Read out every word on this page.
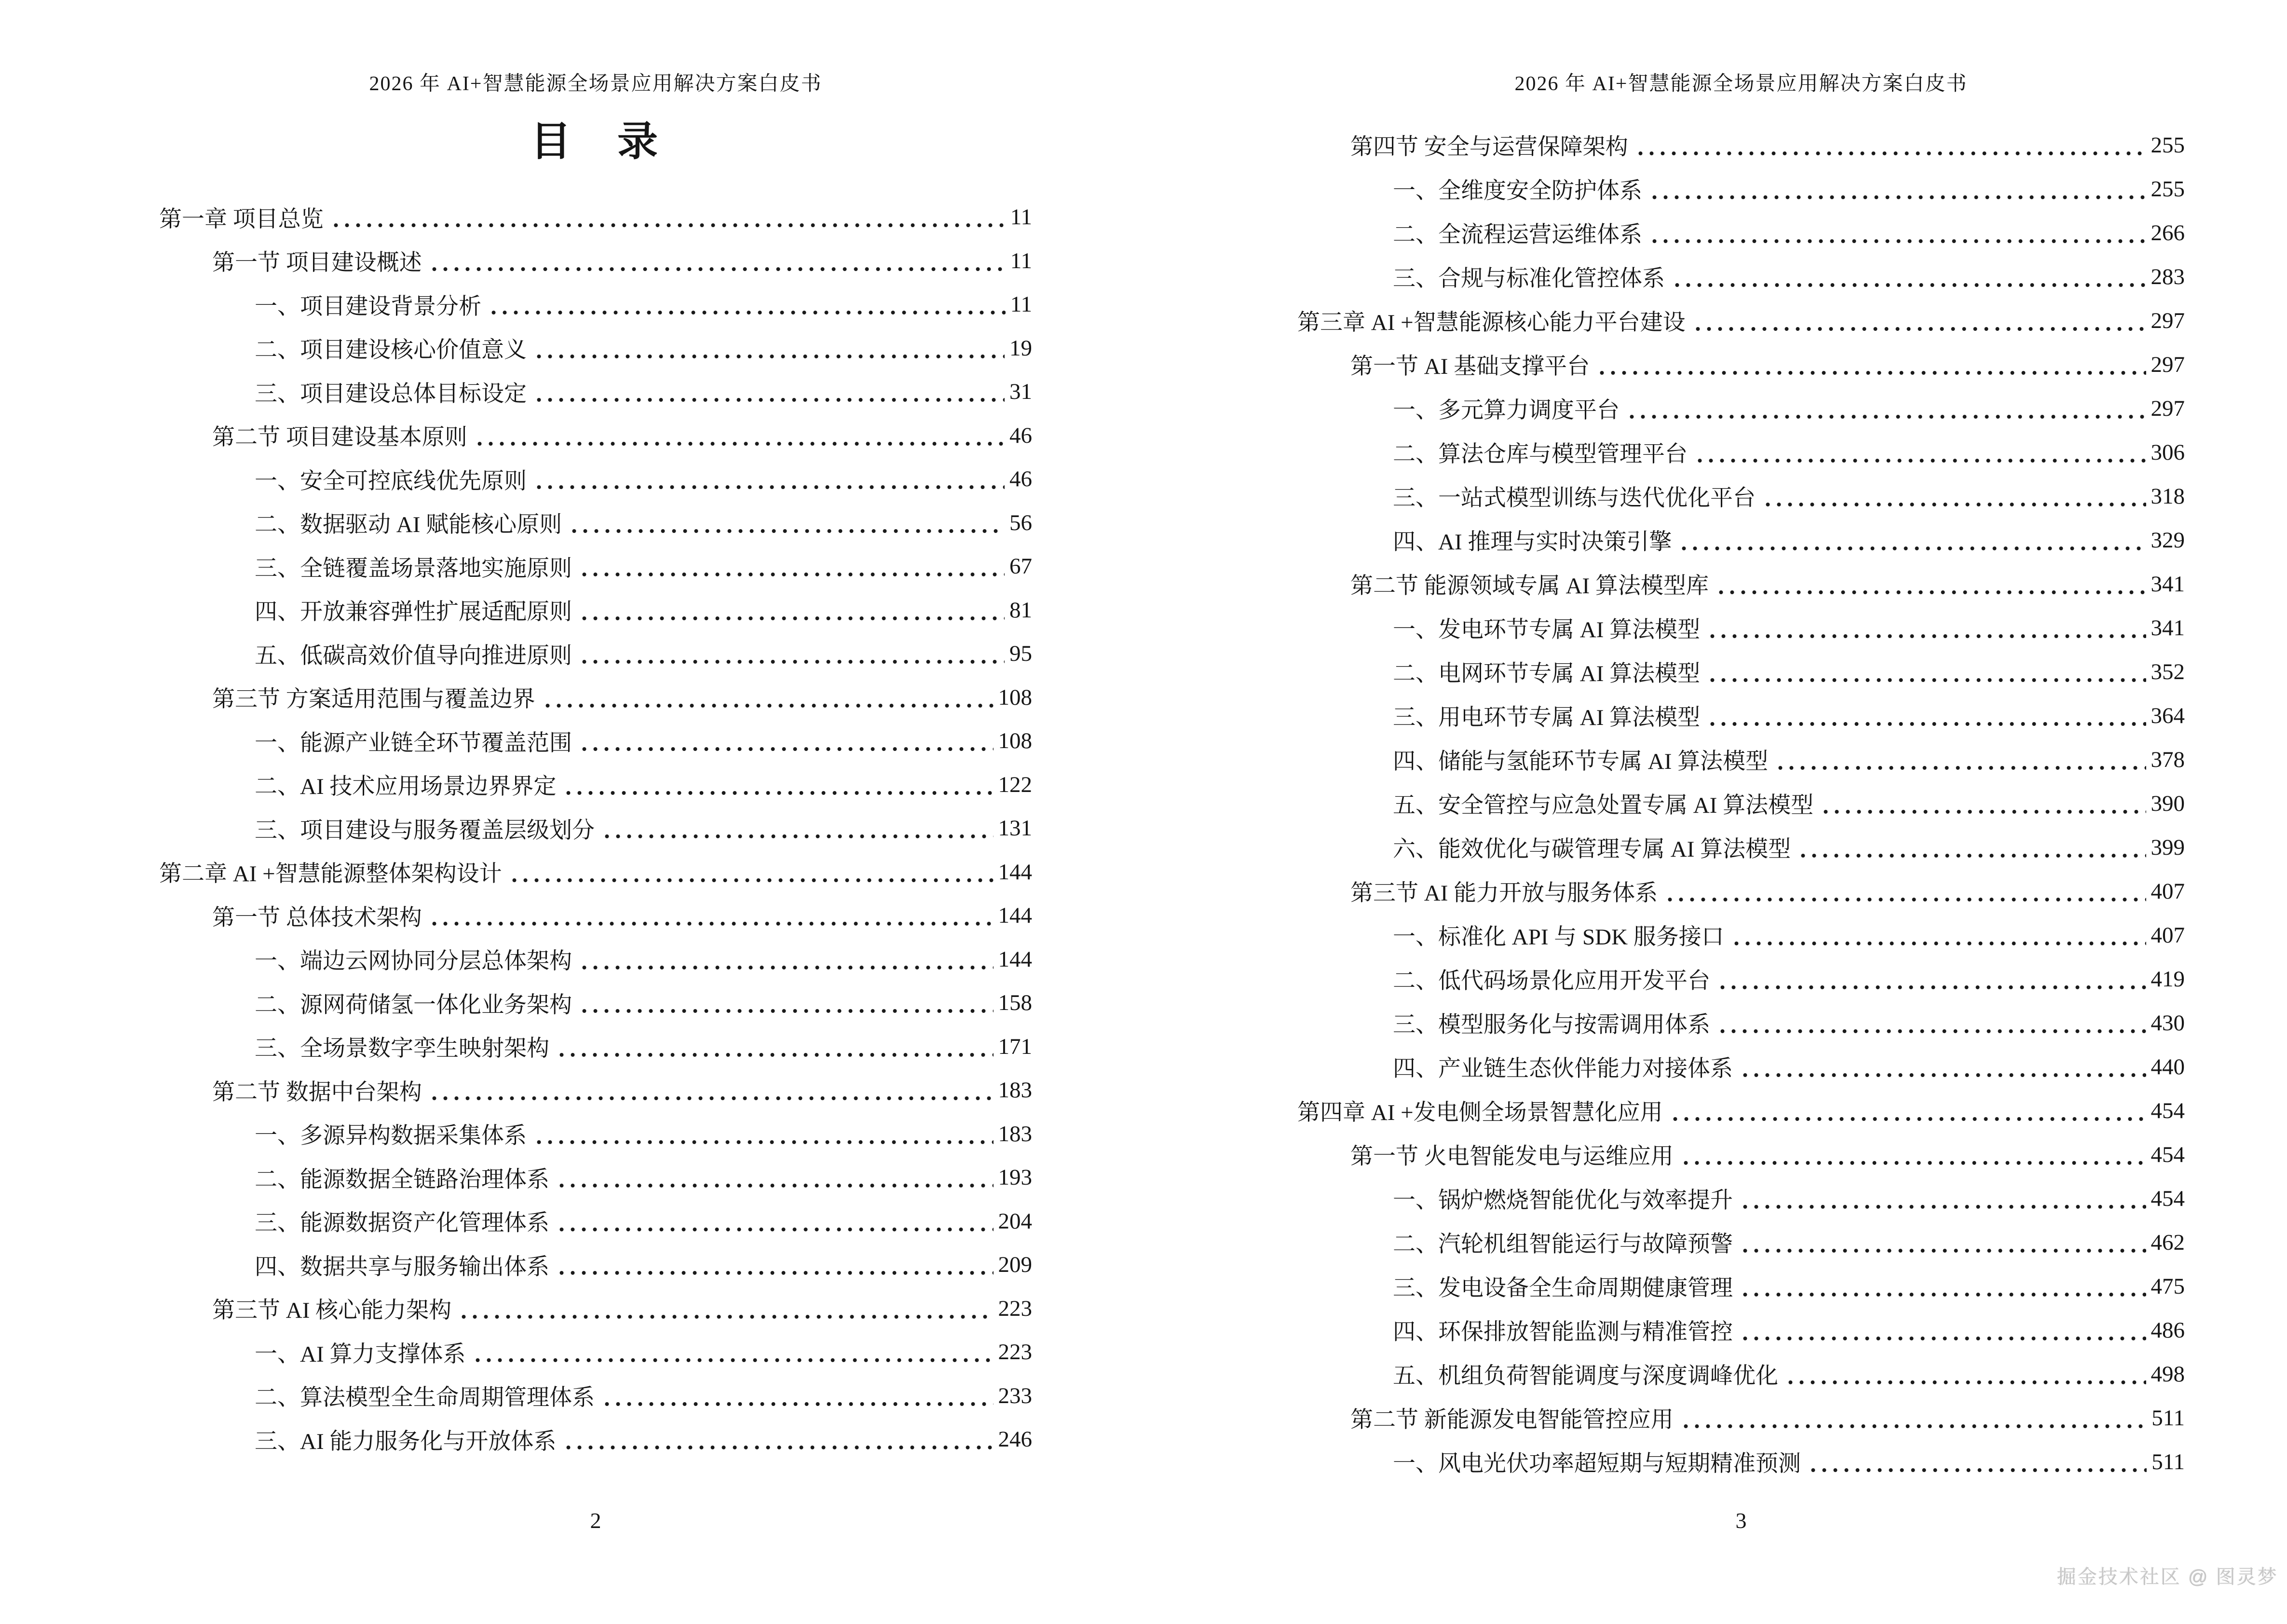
2026 年 AI+智慧能源全场景应用解决方案白皮书
目　录
第一章 项目总览	11
第一节 项目建设概述	11
一、项目建设背景分析	11
二、项目建设核心价值意义	19
三、项目建设总体目标设定	31
第二节 项目建设基本原则	46
一、安全可控底线优先原则	46
二、数据驱动 AI 赋能核心原则	56
三、全链覆盖场景落地实施原则	67
四、开放兼容弹性扩展适配原则	81
五、低碳高效价值导向推进原则	95
第三节 方案适用范围与覆盖边界	108
一、能源产业链全环节覆盖范围	108
二、AI 技术应用场景边界界定	122
三、项目建设与服务覆盖层级划分	131
第二章 AI +智慧能源整体架构设计	144
第一节 总体技术架构	144
一、端边云网协同分层总体架构	144
二、源网荷储氢一体化业务架构	158
三、全场景数字孪生映射架构	171
第二节 数据中台架构	183
一、多源异构数据采集体系	183
二、能源数据全链路治理体系	193
三、能源数据资产化管理体系	204
四、数据共享与服务输出体系	209
第三节 AI 核心能力架构	223
一、AI 算力支撑体系	223
二、算法模型全生命周期管理体系	233
三、AI 能力服务化与开放体系	246
2
2026 年 AI+智慧能源全场景应用解决方案白皮书
第四节 安全与运营保障架构	255
一、全维度安全防护体系	255
二、全流程运营运维体系	266
三、合规与标准化管控体系	283
第三章 AI +智慧能源核心能力平台建设	297
第一节 AI 基础支撑平台	297
一、多元算力调度平台	297
二、算法仓库与模型管理平台	306
三、一站式模型训练与迭代优化平台	318
四、AI 推理与实时决策引擎	329
第二节 能源领域专属 AI 算法模型库	341
一、发电环节专属 AI 算法模型	341
二、电网环节专属 AI 算法模型	352
三、用电环节专属 AI 算法模型	364
四、储能与氢能环节专属 AI 算法模型	378
五、安全管控与应急处置专属 AI 算法模型	390
六、能效优化与碳管理专属 AI 算法模型	399
第三节 AI 能力开放与服务体系	407
一、标准化 API 与 SDK 服务接口	407
二、低代码场景化应用开发平台	419
三、模型服务化与按需调用体系	430
四、产业链生态伙伴能力对接体系	440
第四章 AI +发电侧全场景智慧化应用	454
第一节 火电智能发电与运维应用	454
一、锅炉燃烧智能优化与效率提升	454
二、汽轮机组智能运行与故障预警	462
三、发电设备全生命周期健康管理	475
四、环保排放智能监测与精准管控	486
五、机组负荷智能调度与深度调峰优化	498
第二节 新能源发电智能管控应用	511
一、风电光伏功率超短期与短期精准预测	511
3
掘金技术社区 @ 图灵梦
